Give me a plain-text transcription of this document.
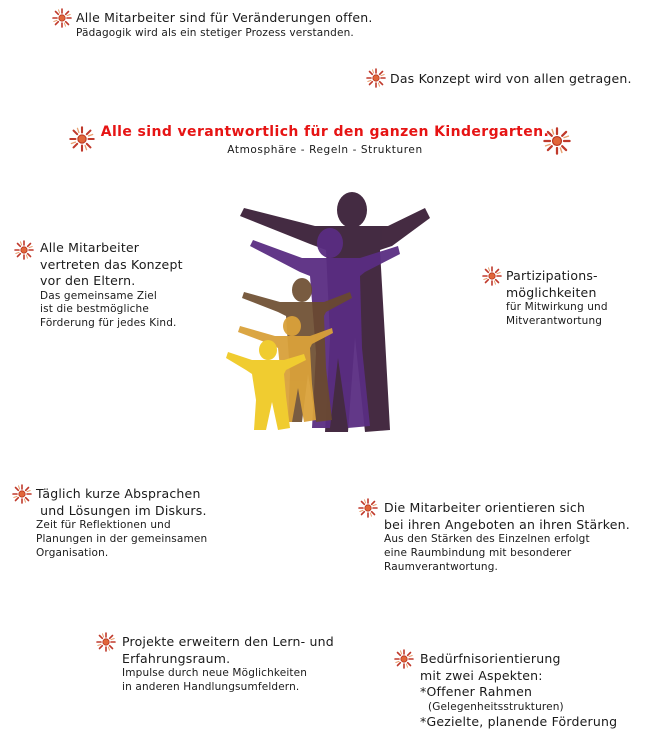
Alle Mitarbeiter sind für Veränderungen offen.
Pädagogik wird als ein stetiger Prozess verstanden.
Das Konzept wird von allen getragen.
Alle sind verantwortlich für den ganzen Kindergarten.
Atmosphäre - Regeln - Strukturen
Alle Mitarbeiter
vertreten das Konzept
vor den Eltern.
Das gemeinsame Ziel
ist die bestmögliche
Förderung für jedes Kind.
Partizipations-
möglichkeiten
für Mitwirkung und
Mitverantwortung
Täglich kurze Absprachen
und Lösungen im Diskurs.
Zeit für Reflektionen und
Planungen in der gemeinsamen
Organisation.
Die Mitarbeiter orientieren sich
bei ihren Angeboten an ihren Stärken.
Aus den Stärken des Einzelnen erfolgt
eine Raumbindung mit besonderer
Raumverantwortung.
Projekte erweitern den Lern- und
Erfahrungsraum.
Impulse durch neue Möglichkeiten
in anderen Handlungsumfeldern.
Bedürfnisorientierung
mit zwei Aspekten:
*Offener Rahmen
(Gelegenheitsstrukturen)
*Gezielte, planende Förderung
